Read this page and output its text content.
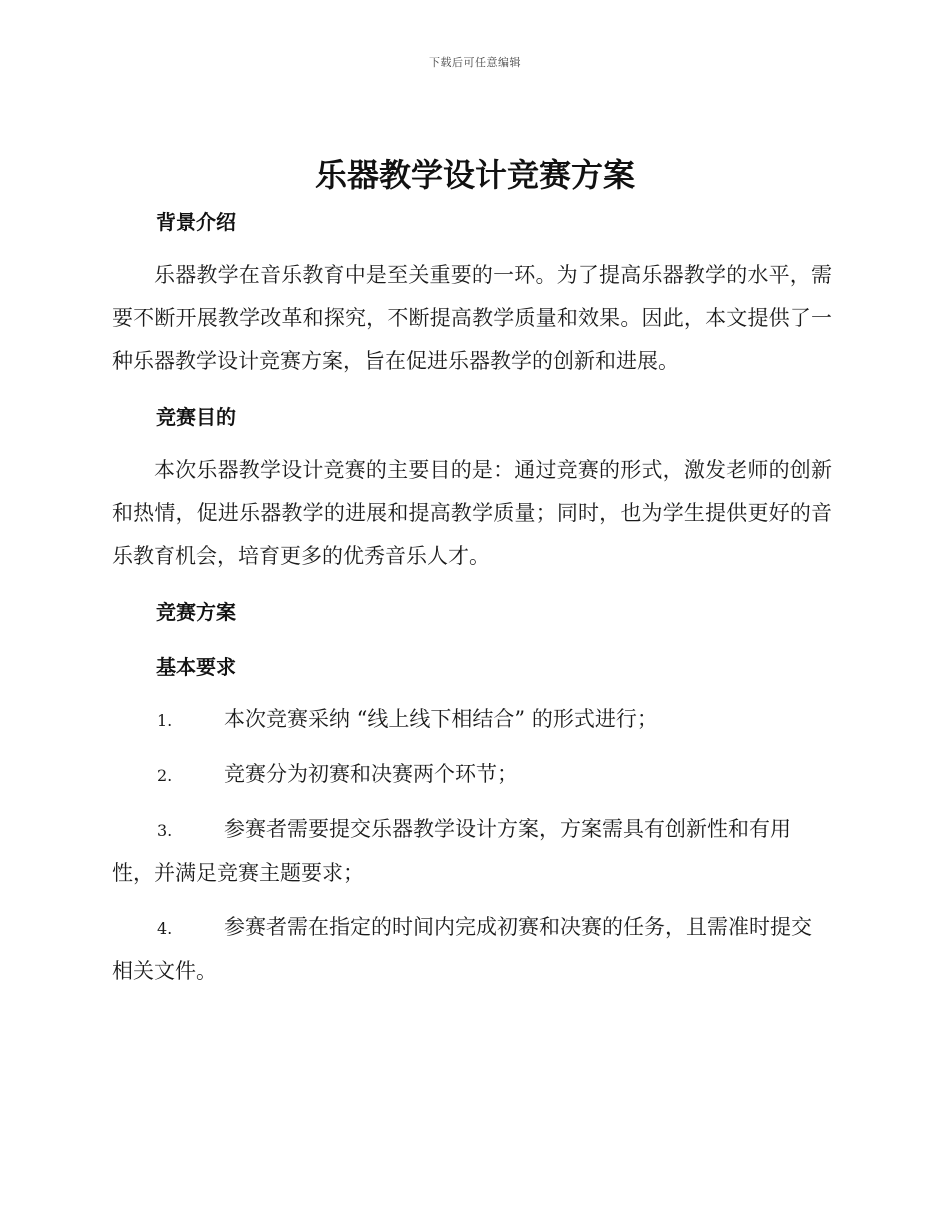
下载后可任意编辑
乐器教学设计竞赛方案
背景介绍

乐器教学在音乐教育中是至关重要的一环。为了提高乐器教学的水平，需要不断开展教学改革和探究，不断提高教学质量和效果。因此，本文提供了一种乐器教学设计竞赛方案，旨在促进乐器教学的创新和进展。

竞赛目的

本次乐器教学设计竞赛的主要目的是：通过竞赛的形式，激发老师的创新和热情，促进乐器教学的进展和提高教学质量；同时，也为学生提供更好的音乐教育机会，培育更多的优秀音乐人才。

竞赛方案
基本要求

1. 本次竞赛采纳 “线上线下相结合” 的形式进行；

2. 竞赛分为初赛和决赛两个环节；

3. 参赛者需要提交乐器教学设计方案，方案需具有创新性和有用性，并满足竞赛主题要求；

4. 参赛者需在指定的时间内完成初赛和决赛的任务，且需准时提交相关文件。
